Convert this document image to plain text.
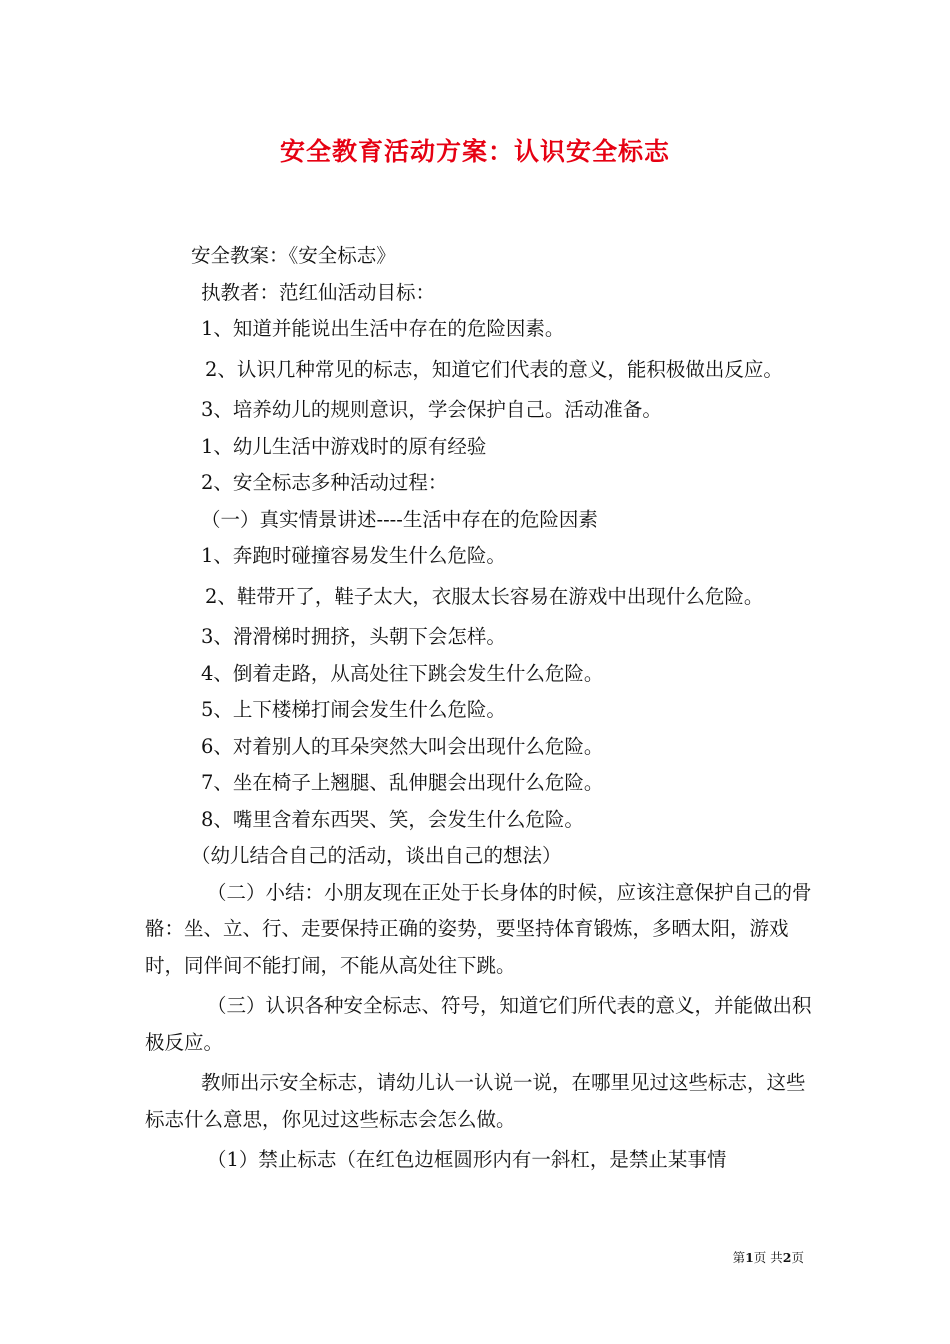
安全教育活动方案：认识安全标志

安全教案：《安全标志》

执教者：范红仙活动目标：

1、知道并能说出生活中存在的危险因素。

2、认识几种常见的标志，知道它们代表的意义，能积极做出反应。

3、培养幼儿的规则意识，学会保护自己。活动准备。

1、幼儿生活中游戏时的原有经验

2、安全标志多种活动过程：

（一）真实情景讲述----生活中存在的危险因素

1、奔跑时碰撞容易发生什么危险。

2、鞋带开了，鞋子太大，衣服太长容易在游戏中出现什么危险。

3、滑滑梯时拥挤，头朝下会怎样。

4、倒着走路，从高处往下跳会发生什么危险。

5、上下楼梯打闹会发生什么危险。

6、对着别人的耳朵突然大叫会出现什么危险。

7、坐在椅子上翘腿、乱伸腿会出现什么危险。

8、嘴里含着东西哭、笑，会发生什么危险。

（幼儿结合自己的活动，谈出自己的想法）

（二）小结：小朋友现在正处于长身体的时候，应该注意保护自己的骨骼：坐、立、行、走要保持正确的姿势，要坚持体育锻炼，多晒太阳，游戏时，同伴间不能打闹，不能从高处往下跳。

（三）认识各种安全标志、符号，知道它们所代表的意义，并能做出积极反应。

教师出示安全标志，请幼儿认一认说一说，在哪里见过这些标志，这些标志什么意思，你见过这些标志会怎么做。

（1）禁止标志（在红色边框圆形内有一斜杠，是禁止某事情

第1页 共2页
